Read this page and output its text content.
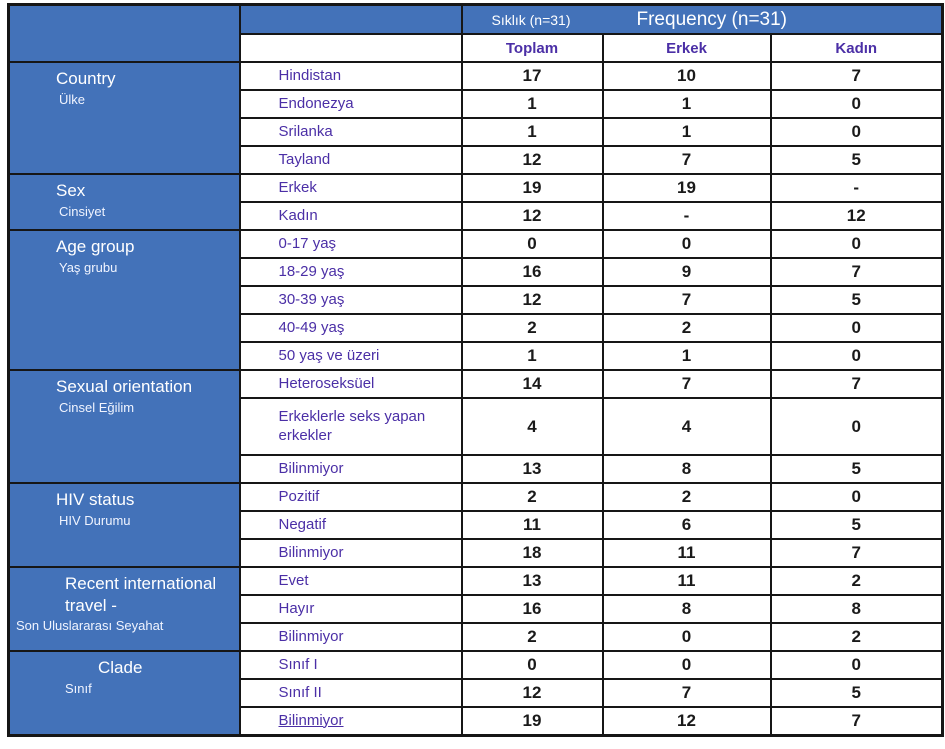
		Sıklık (n=31) Frequency (n=31)		

		Toplam	Erkek	Kadın

Country
Ülke	Hindistan	17	10	7

	Endonezya	1	1	0

	Srilanka	1	1	0

	Tayland	12	7	5

Sex
Cinsiyet	Erkek	19	19	-

	Kadın	12	-	12

Age group
Yaş grubu	0-17 yaş	0	0	0

	18-29 yaş	16	9	7

	30-39 yaş	12	7	5

	40-49 yaş	2	2	0

	50 yaş ve üzeri	1	1	0

Sexual orientation
Cinsel Eğilim	Heteroseksüel	14	7	7

	Erkeklerle seks yapan erkekler	4	4	0

	Bilinmiyor	13	8	5

HIV status
HIV Durumu	Pozitif	2	2	0

	Negatif	11	6	5

	Bilinmiyor	18	11	7

Recent international travel -
Son Uluslararası Seyahat	Evet	13	11	2

	Hayır	16	8	8

	Bilinmiyor	2	0	2

Clade
Sınıf	Sınıf I	0	0	0

	Sınıf II	12	7	5

	Bilinmiyor	19	12	7
